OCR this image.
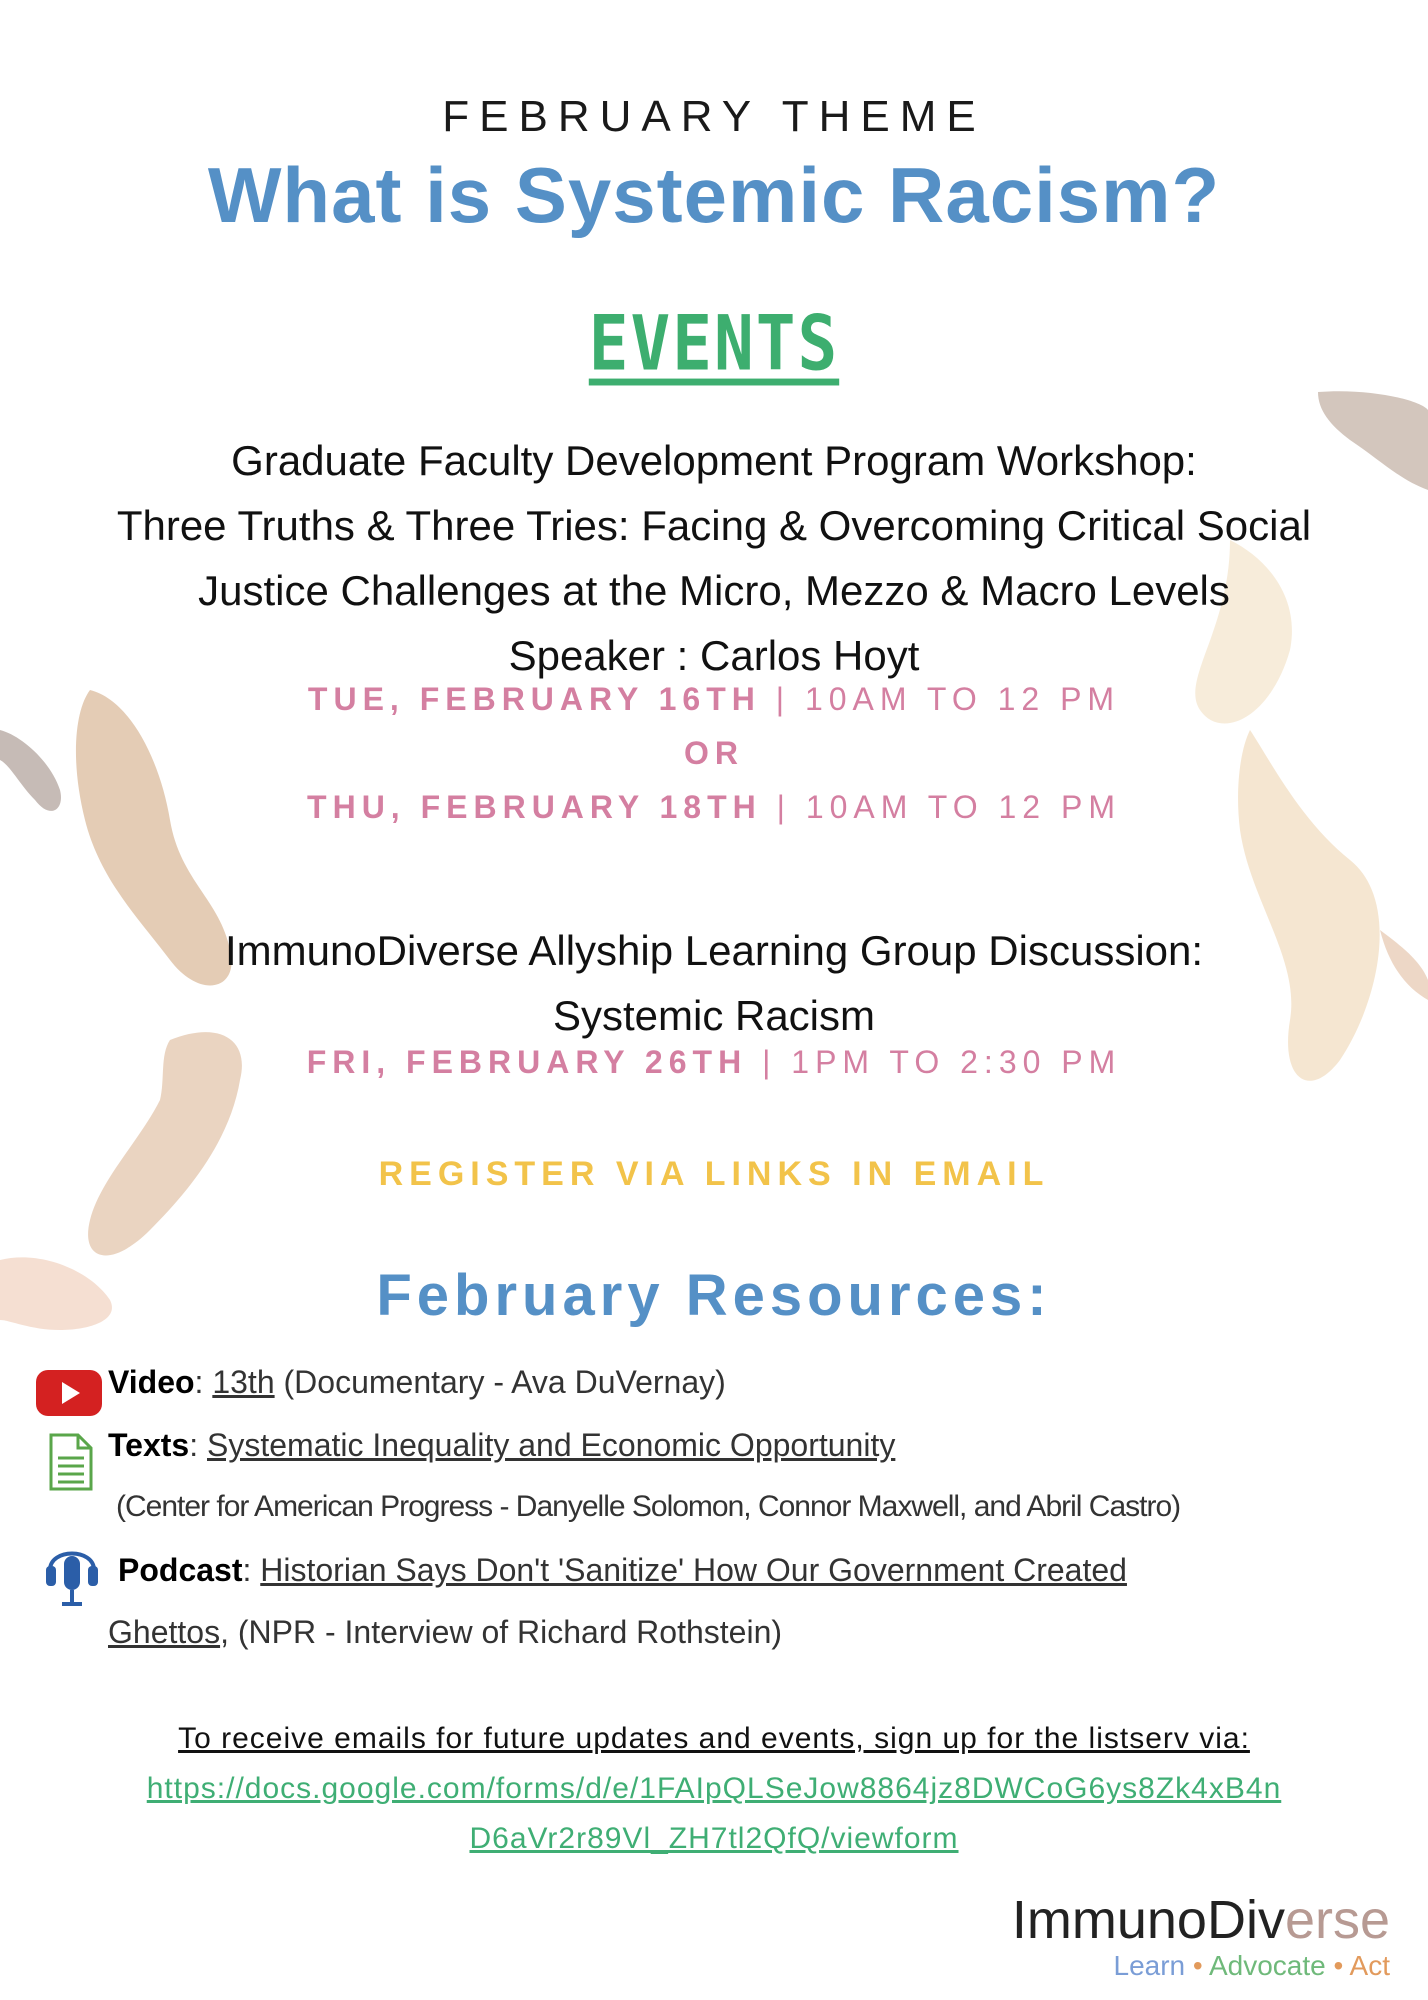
FEBRUARY THEME
What is Systemic Racism?
EVENTS
Graduate Faculty Development Program Workshop:
Three Truths & Three Tries: Facing & Overcoming Critical Social
Justice Challenges at the Micro, Mezzo & Macro Levels
Speaker : Carlos Hoyt
TUE, FEBRUARY 16TH | 10AM TO 12 PM
OR
THU, FEBRUARY 18TH | 10AM TO 12 PM
ImmunoDiverse Allyship Learning Group Discussion:
Systemic Racism
FRI, FEBRUARY 26TH | 1PM TO 2:30 PM
REGISTER VIA LINKS IN EMAIL
February Resources:
Video: 13th (Documentary - Ava DuVernay)
Texts: Systematic Inequality and Economic Opportunity
(Center for American Progress - Danyelle Solomon, Connor Maxwell, and Abril Castro)
Podcast: Historian Says Don't 'Sanitize' How Our Government Created
Ghettos, (NPR - Interview of Richard Rothstein)
To receive emails for future updates and events, sign up for the listserv via:
https://docs.google.com/forms/d/e/1FAIpQLSeJow8864jz8DWCoG6ys8Zk4xB4n
D6aVr2r89Vl_ZH7tl2QfQ/viewform
ImmunoDiverse
Learn • Advocate • Act
